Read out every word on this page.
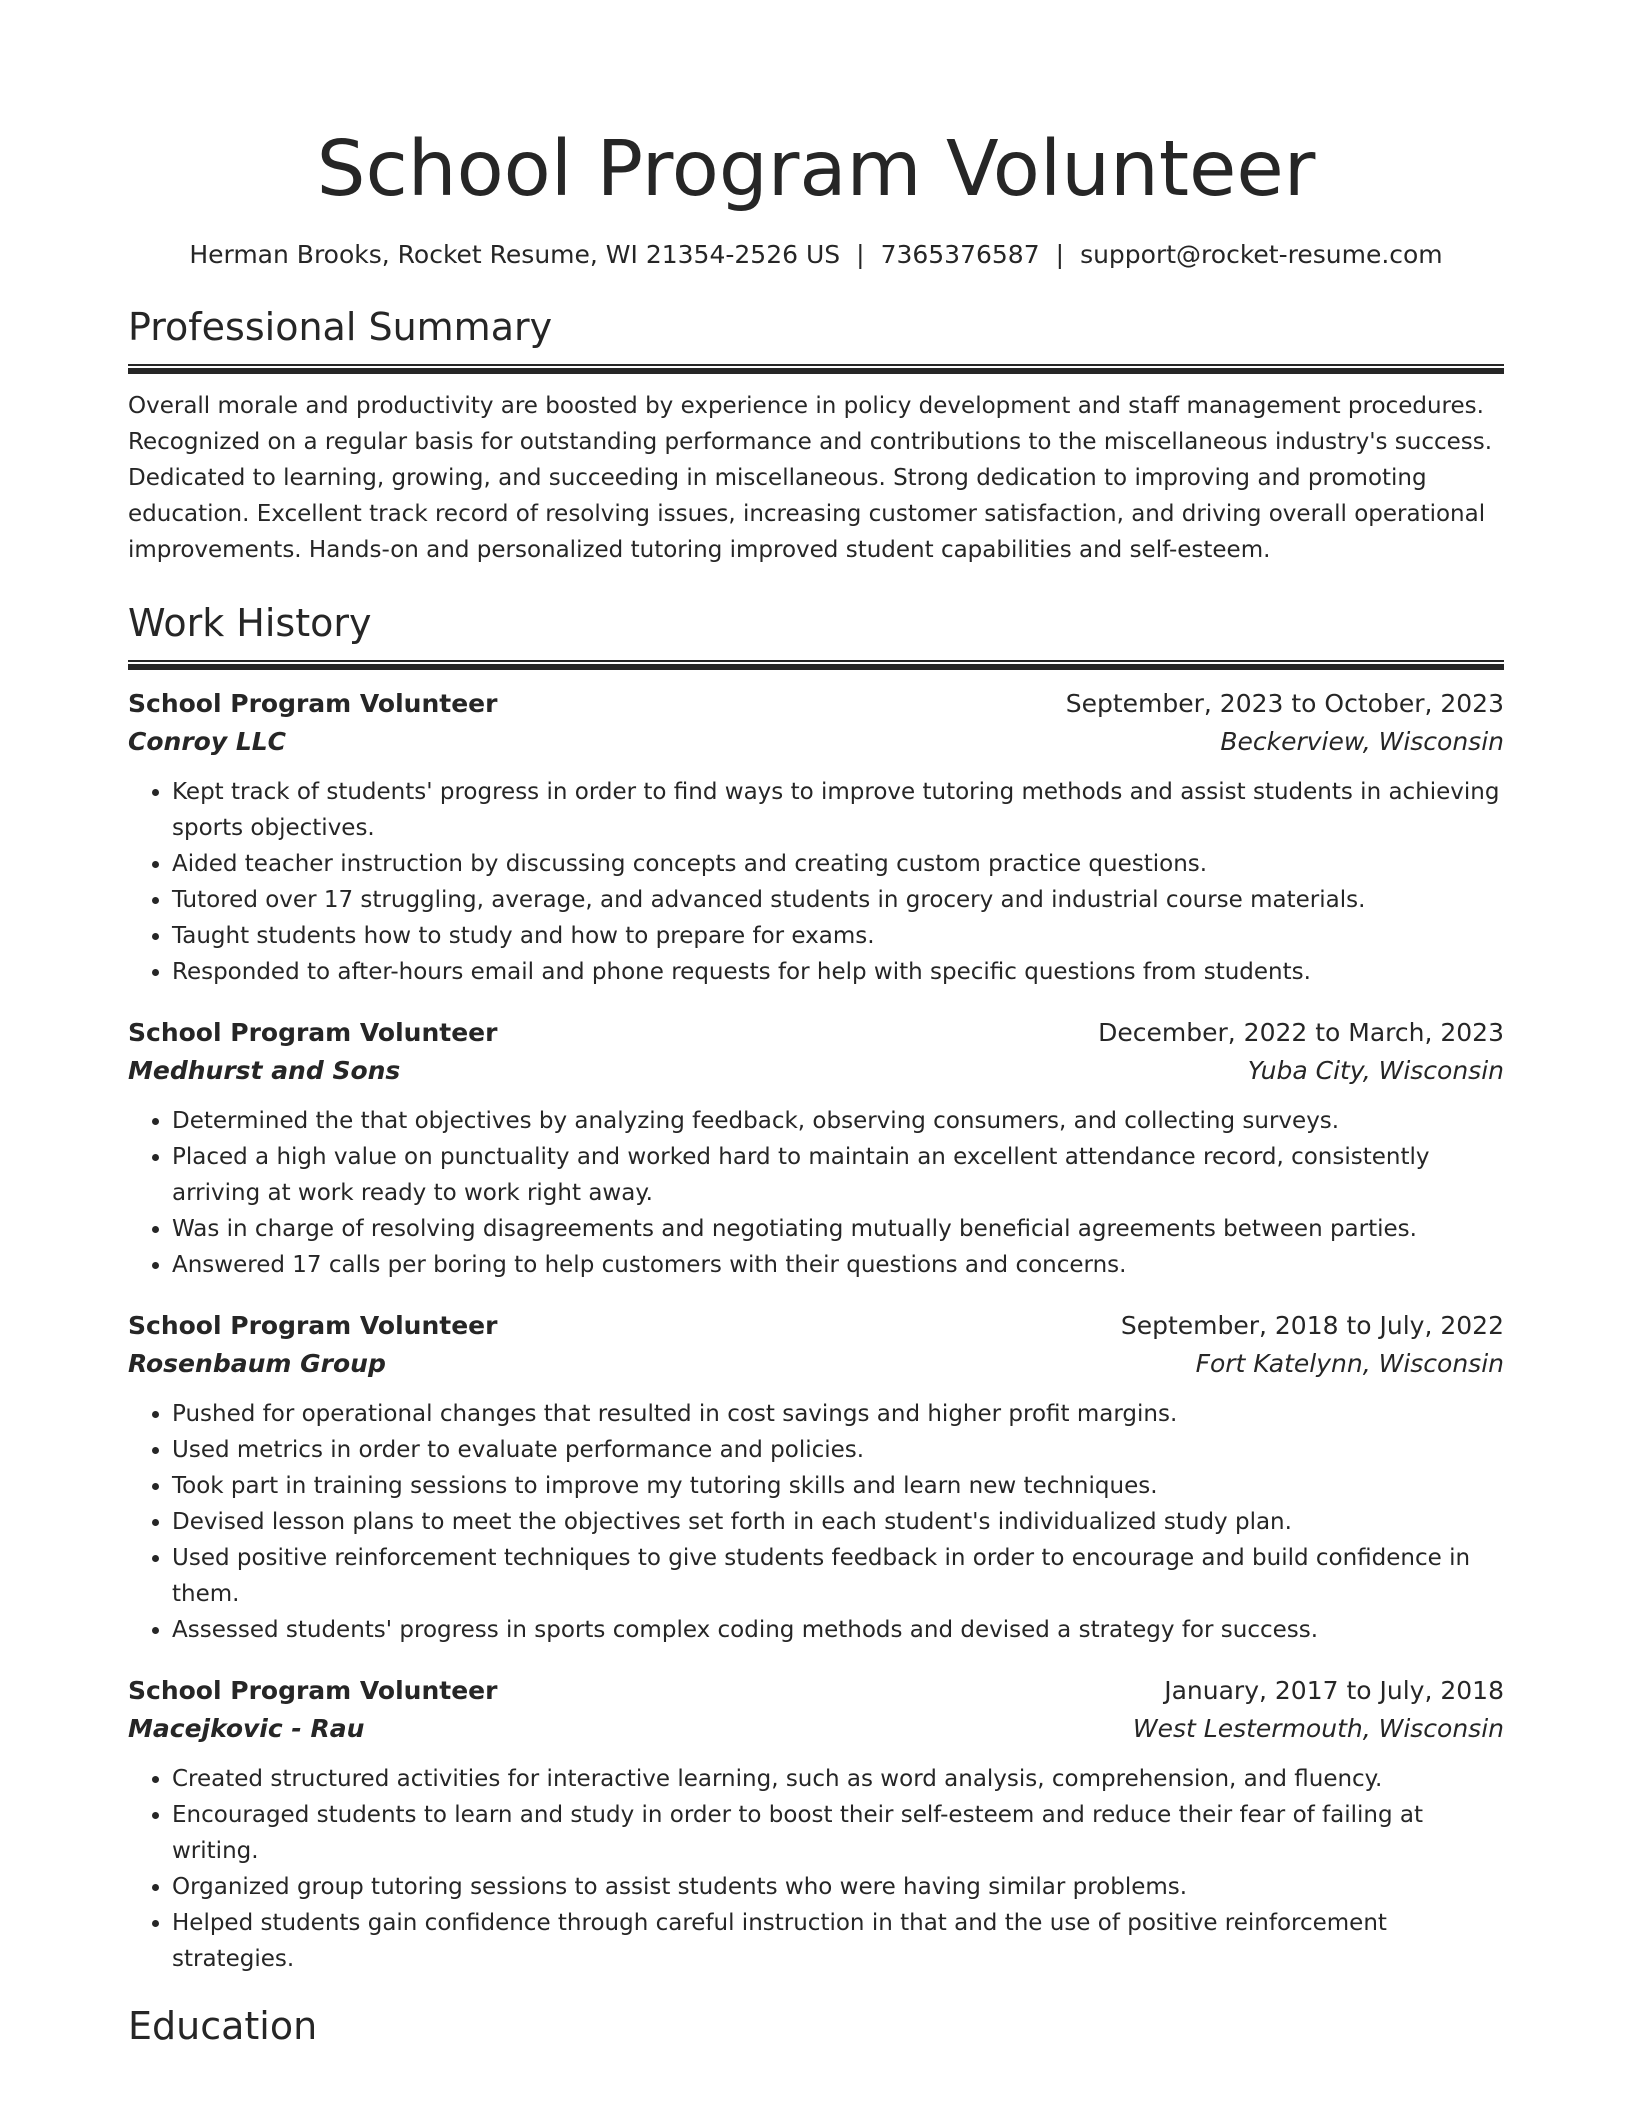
School Program Volunteer
Herman Brooks, Rocket Resume, WI 21354-2526 US | 7365376587 | support@rocket-resume.com
Professional Summary

Overall morale and productivity are boosted by experience in policy development and staff management procedures. Recognized on a regular basis for outstanding performance and contributions to the miscellaneous industry's success. Dedicated to learning, growing, and succeeding in miscellaneous. Strong dedication to improving and promoting education. Excellent track record of resolving issues, increasing customer satisfaction, and driving overall operational improvements. Hands-on and personalized tutoring improved student capabilities and self-esteem.

Work History
School Program Volunteer	September, 2023 to October, 2023
Conroy LLC	Beckerview, Wisconsin
• Kept track of students' progress in order to find ways to improve tutoring methods and assist students in achieving sports objectives.
• Aided teacher instruction by discussing concepts and creating custom practice questions.
• Tutored over 17 struggling, average, and advanced students in grocery and industrial course materials.
• Taught students how to study and how to prepare for exams.
• Responded to after-hours email and phone requests for help with specific questions from students.
School Program Volunteer	December, 2022 to March, 2023
Medhurst and Sons	Yuba City, Wisconsin
• Determined the that objectives by analyzing feedback, observing consumers, and collecting surveys.
• Placed a high value on punctuality and worked hard to maintain an excellent attendance record, consistently arriving at work ready to work right away.
• Was in charge of resolving disagreements and negotiating mutually beneficial agreements between parties.
• Answered 17 calls per boring to help customers with their questions and concerns.
School Program Volunteer	September, 2018 to July, 2022
Rosenbaum Group	Fort Katelynn, Wisconsin
• Pushed for operational changes that resulted in cost savings and higher profit margins.
• Used metrics in order to evaluate performance and policies.
• Took part in training sessions to improve my tutoring skills and learn new techniques.
• Devised lesson plans to meet the objectives set forth in each student's individualized study plan.
• Used positive reinforcement techniques to give students feedback in order to encourage and build confidence in them.
• Assessed students' progress in sports complex coding methods and devised a strategy for success.
School Program Volunteer	January, 2017 to July, 2018
Macejkovic - Rau	West Lestermouth, Wisconsin
• Created structured activities for interactive learning, such as word analysis, comprehension, and fluency.
• Encouraged students to learn and study in order to boost their self-esteem and reduce their fear of failing at writing.
• Organized group tutoring sessions to assist students who were having similar problems.
• Helped students gain confidence through careful instruction in that and the use of positive reinforcement strategies.
Education
